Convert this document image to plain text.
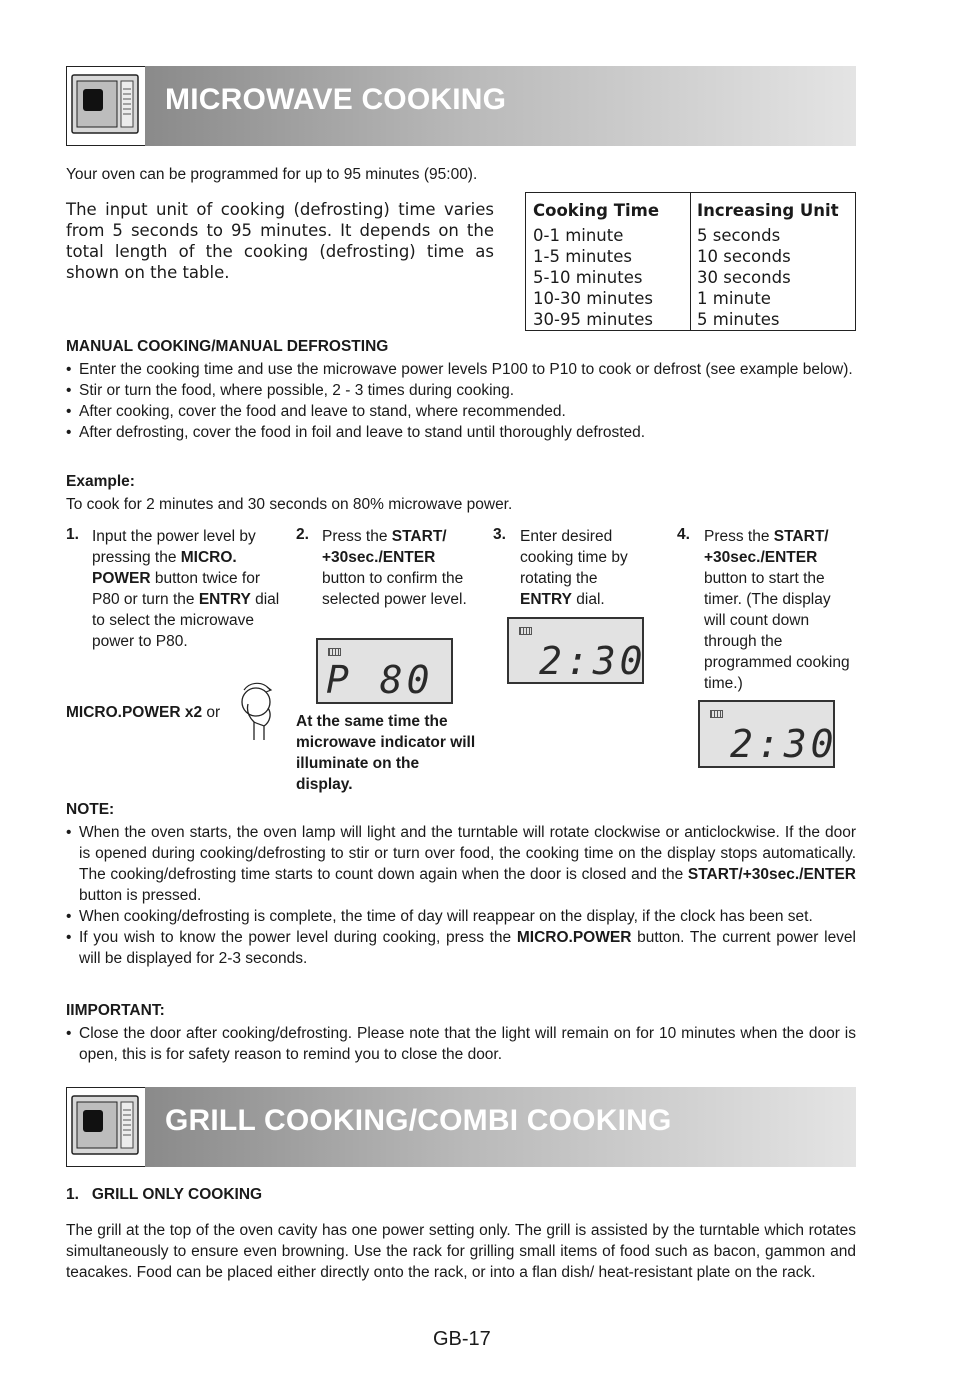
MICROWAVE COOKING
Your oven can be programmed for up to 95 minutes (95:00).
The input unit of cooking (defrosting) time varies from 5 seconds to 95 minutes. It depends on the total length of the cooking (defrosting) time as shown on the table.
Cooking Time	Increasing Unit
0-1 minute	5 seconds
1-5 minutes	10 seconds
5-10 minutes	30 seconds
10-30 minutes	1 minute
30-95 minutes	5 minutes
MANUAL COOKING/MANUAL DEFROSTING
• Enter the cooking time and use the microwave power levels P100 to P10 to cook or defrost (see example below).
• Stir or turn the food, where possible, 2 - 3 times during cooking.
• After cooking, cover the food and leave to stand, where recommended.
• After defrosting, cover the food in foil and leave to stand until thoroughly defrosted.
Example:
To cook for 2 minutes and 30 seconds on 80% microwave power.
1. Input the power level by pressing the MICRO. POWER button twice for P80 or turn the ENTRY dial to select the microwave power to P80.
2. Press the START/ +30sec./ENTER button to confirm the selected power level.
3. Enter desired cooking time by rotating the ENTRY dial.
4. Press the START/ +30sec./ENTER button to start the timer. (The display will count down through the programmed cooking time.)
MICRO.POWER x2 or
P 80
At the same time the microwave indicator will illuminate on the display.
2:30
2:30
NOTE:
• When the oven starts, the oven lamp will light and the turntable will rotate clockwise or anticlockwise. If the door is opened during cooking/defrosting to stir or turn over food, the cooking time on the display stops automatically. The cooking/defrosting time starts to count down again when the door is closed and the START/+30sec./ENTER button is pressed.
• When cooking/defrosting is complete, the time of day will reappear on the display, if the clock has been set.
• If you wish to know the power level during cooking, press the MICRO.POWER button. The current power level will be displayed for 2-3 seconds.
IIMPORTANT:
• Close the door after cooking/defrosting. Please note that the light will remain on for 10 minutes when the door is open, this is for safety reason to remind you to close the door.
GRILL COOKING/COMBI COOKING
1.   GRILL ONLY COOKING
The grill at the top of the oven cavity has one power setting only. The grill is assisted by the turntable which rotates simultaneously to ensure even browning. Use the rack for grilling small items of food such as bacon, gammon and teacakes. Food can be placed either directly onto the rack, or into a flan dish/ heat-resistant plate on the rack.
GB-17
